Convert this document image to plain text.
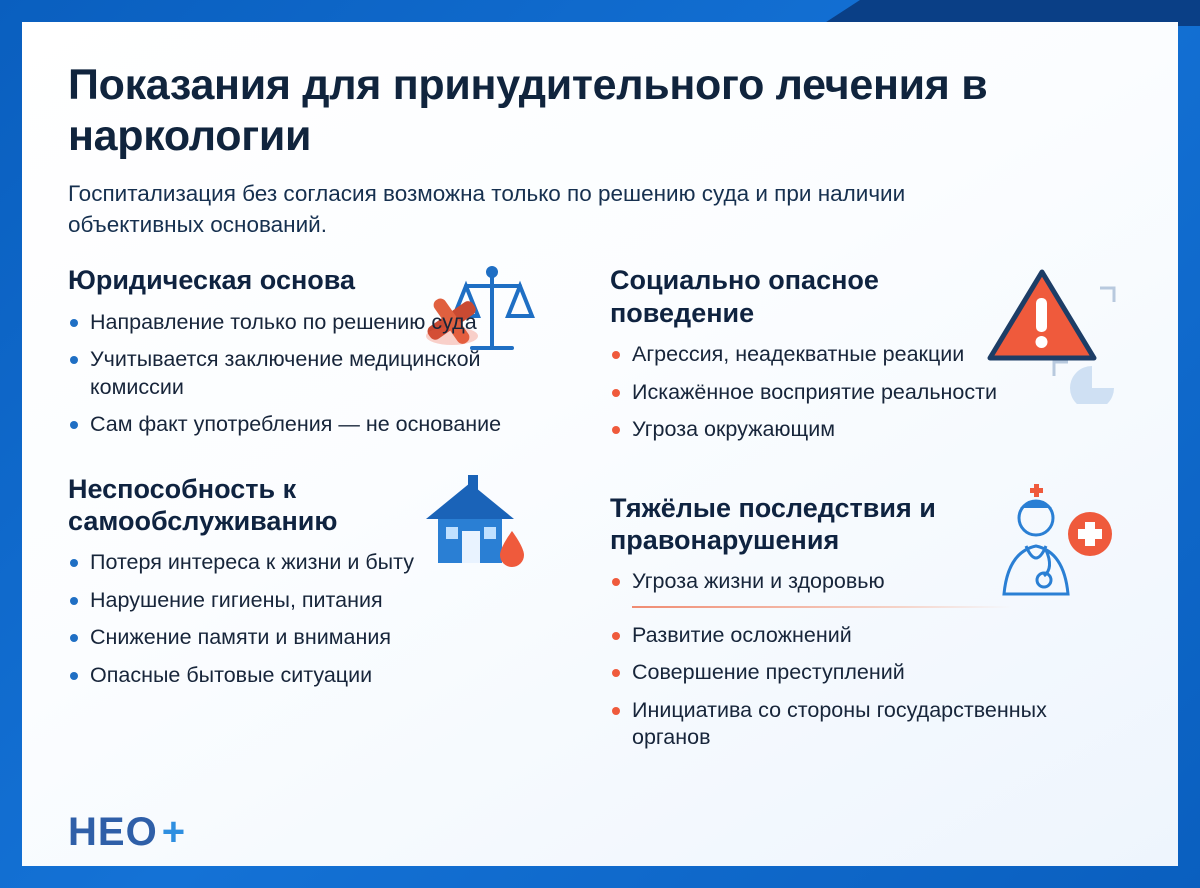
Показания для принудительного лечения в наркологии
Госпитализация без согласия возможна только по решению суда и при наличии объективных оснований.
Юридическая основа
Направление только по решению суда
Учитывается заключение медицинской комиссии
Сам факт употребления — не основание
Неспособность к самообслуживанию
Потеря интереса к жизни и быту
Нарушение гигиены, питания
Снижение памяти и внимания
Опасные бытовые ситуации
Социально опасное поведение
Агрессия, неадекватные реакции
Искажённое восприятие реальности
Угроза окружающим
Тяжёлые последствия и правонарушения
Угроза жизни и здоровью
Развитие осложнений
Совершение преступлений
Инициатива со стороны государственных органов
НЕО +
